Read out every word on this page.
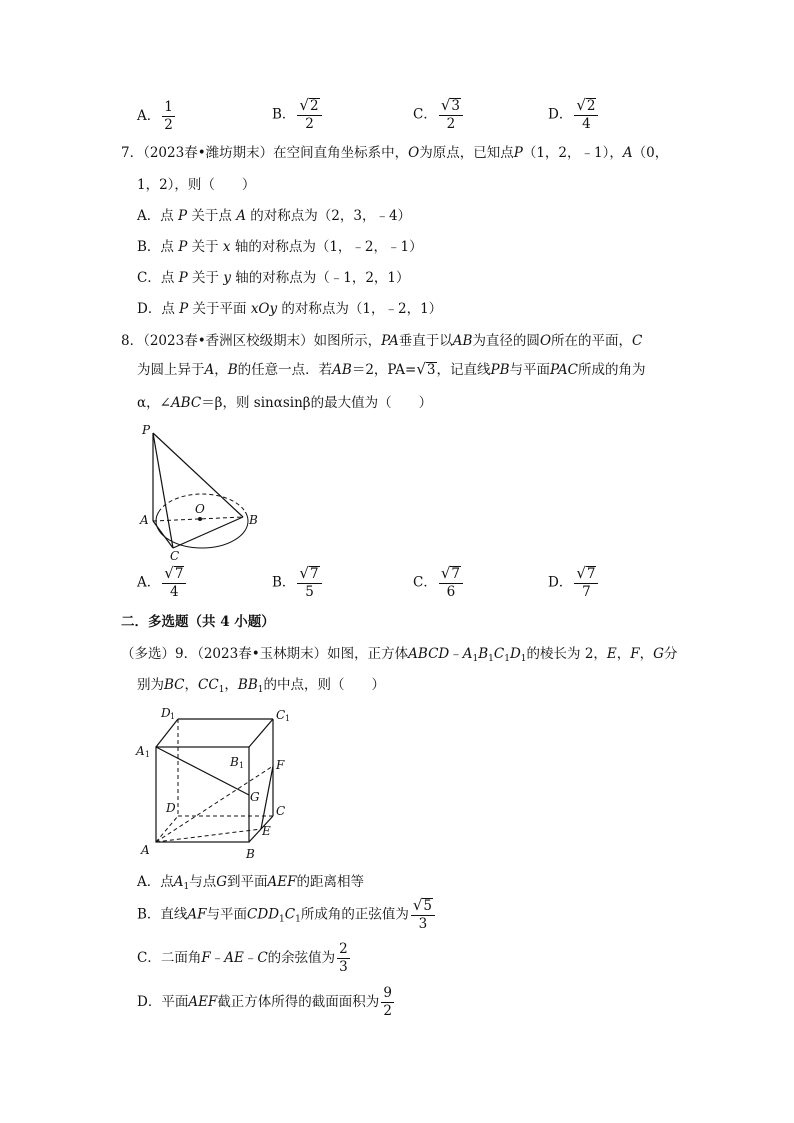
A． $\frac{1}{2}$	B． $\frac{√ 2}{2}$	C． $\frac{√ 3}{2}$	D． $\frac{√ 2}{4}$
7．（2023春•潍坊期末）在空间直角坐标系中，O为原点，已知点P（1，2，﹣1），A（0，
1，2），则（　　）
A．点 P 关于点 A 的对称点为（2，3，﹣4）
B．点 P 关于 x 轴的对称点为（1，﹣2，﹣1）
C．点 P 关于 y 轴的对称点为（﹣1，2，1）
D．点 P 关于平面 xOy 的对称点为（1，﹣2，1）
8．（2023春•香洲区校级期末）如图所示，PA垂直于以AB为直径的圆O所在的平面，C
为圆上异于A，B的任意一点．若AB＝2，PA= √ 3 ，记直线PB与平面PAC所成的角为
α，∠ABC＝β，则 sinαsinβ的最大值为（　　）
P
A
O
B
C
A． $\frac{√ 7}{4}$	B． $\frac{√ 7}{5}$	C． $\frac{√ 7}{6}$	D． $\frac{√ 7}{7}$
二．多选题（共 4 小题）
（多选）9．（2023春•玉林期末）如图，正方体$ABCD﹣A_1B_1C_1D_1$的棱长为 2，E，F，G分
别为BC，$CC_1$，$BB_1$的中点，则（　　）
D 1	C 1
A 1
B 1	F
G
D	C
E
A	B
A．点$A_1$与点G到平面AEF的距离相等
B．直线AF与平面$CDD_1C_1$所成角的正弦值为 $\frac{√ 5}{3}$
C．二面角F﹣AE﹣C的余弦值为 $\frac{2}{3}$
D．平面AEF截正方体所得的截面面积为 $\frac{9}{2}$
